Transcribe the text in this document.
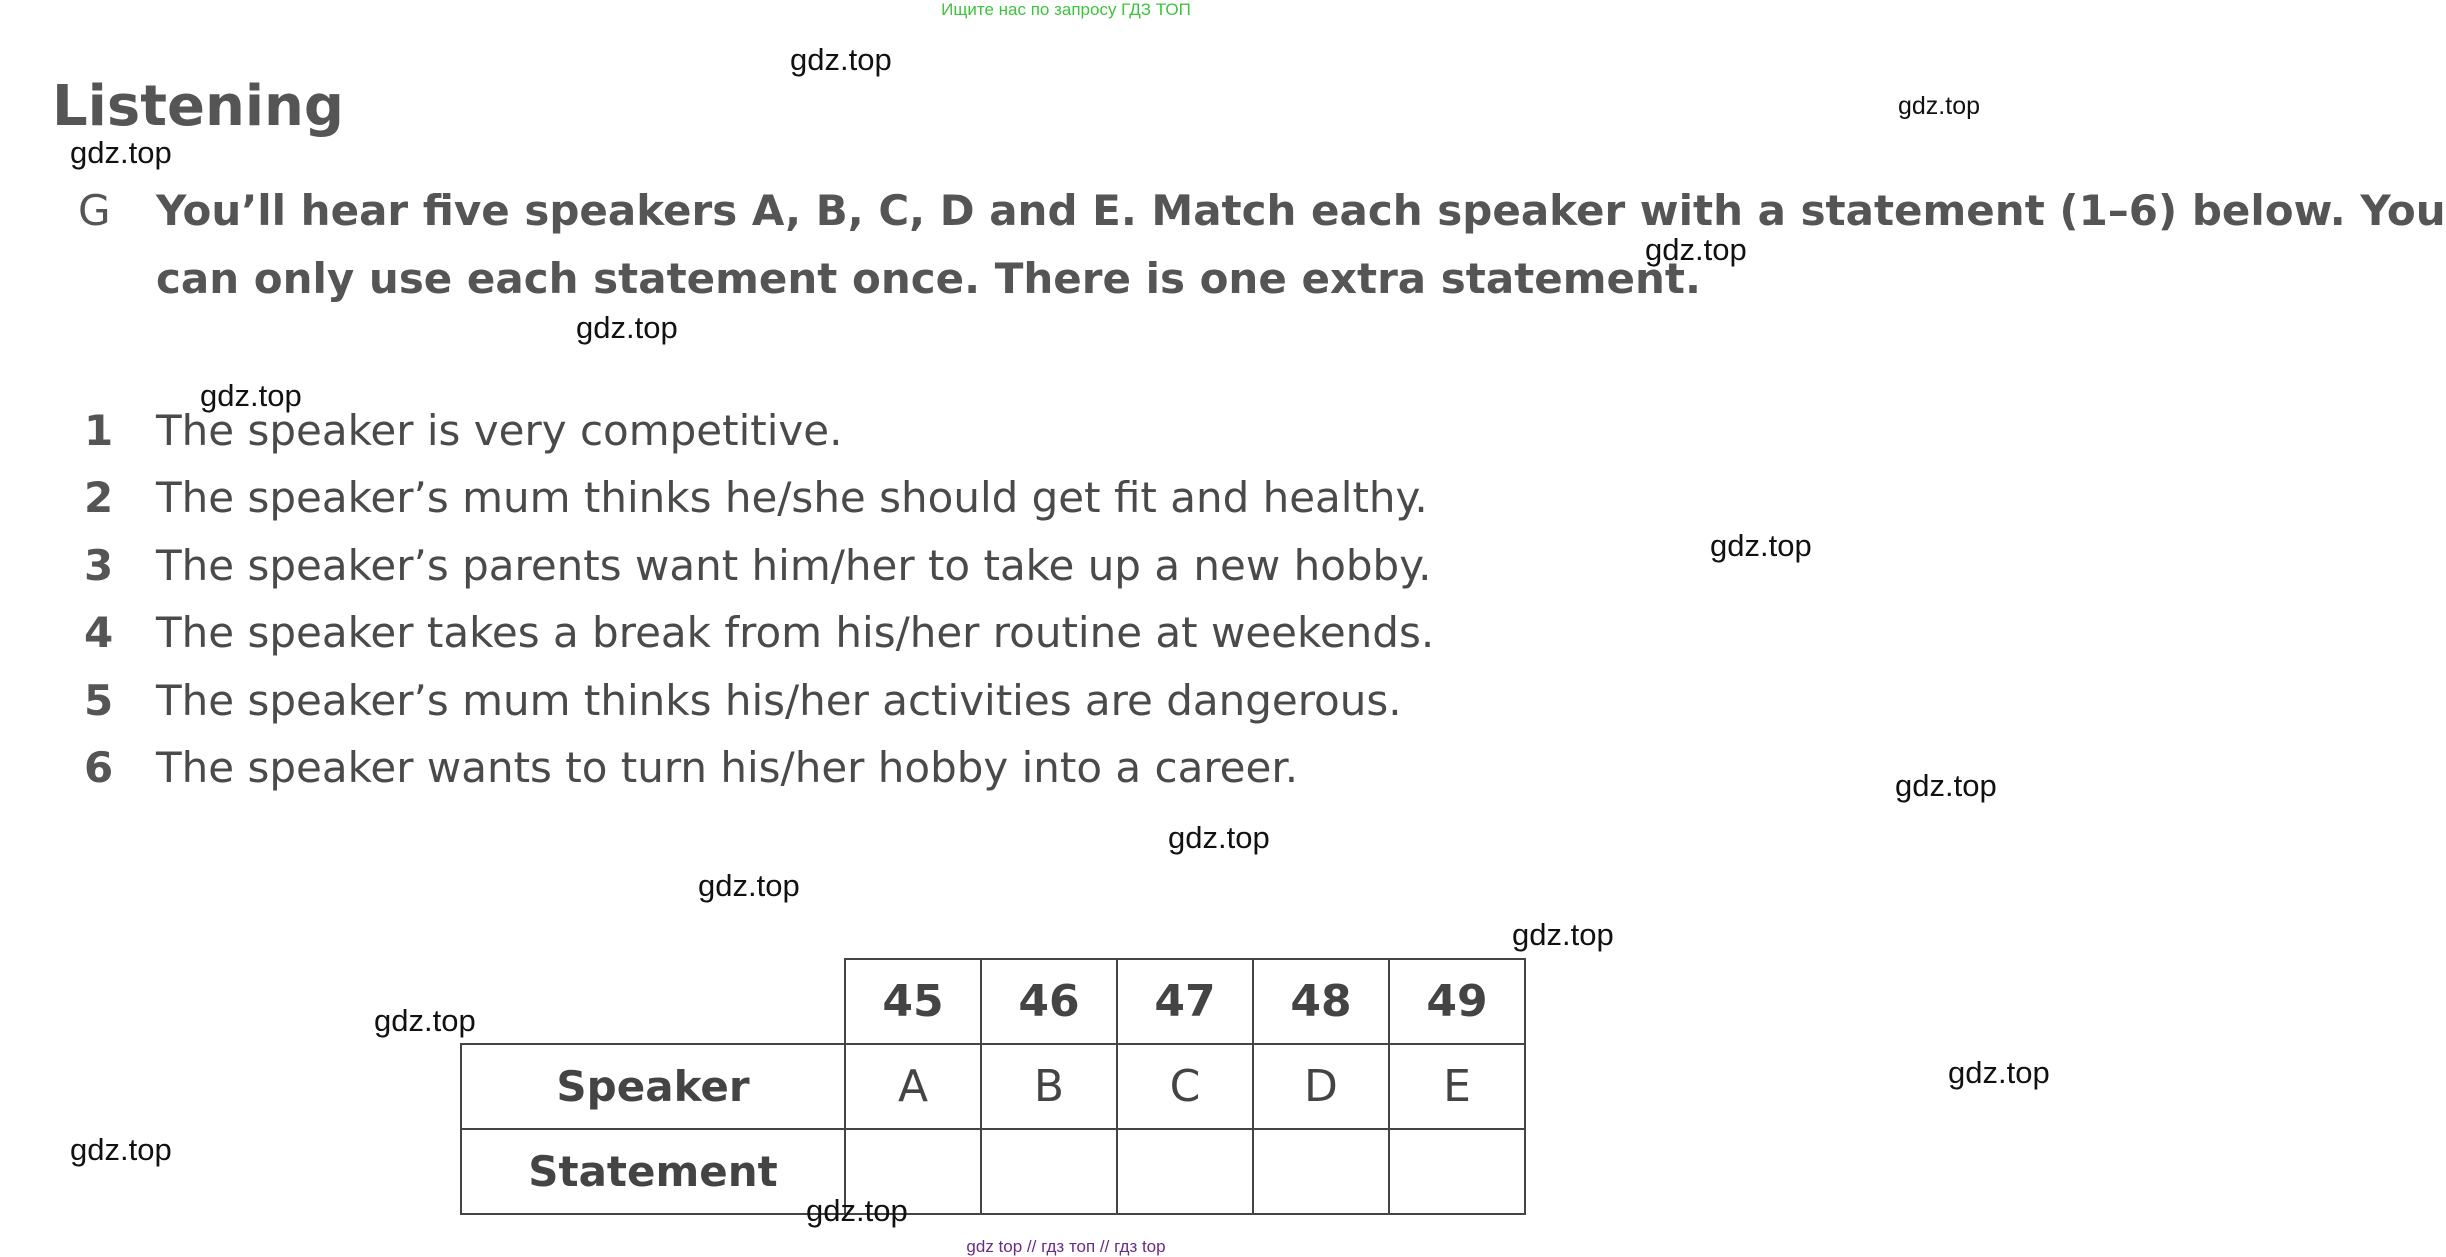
Ищите нас по запросу ГДЗ ТОП
Listening
G You’ll hear five speakers A, B, C, D and E. Match each speaker with a statement (1–6) below. You
can only use each statement once. There is one extra statement.
1 The speaker is very competitive.
2 The speaker’s mum thinks he/she should get fit and healthy.
3 The speaker’s parents want him/her to take up a new hobby.
4 The speaker takes a break from his/her routine at weekends.
5 The speaker’s mum thinks his/her activities are dangerous.
6 The speaker wants to turn his/her hobby into a career.
	45	46	47	48	49
Speaker	A	B	C	D	E
Statement					
gdz.top
gdz.top
gdz.top
gdz.top
gdz.top
gdz.top
gdz.top
gdz.top
gdz.top
gdz.top
gdz.top
gdz.top
gdz.top
gdz.top
gdz.top
gdz top // гдз топ // гдз top
